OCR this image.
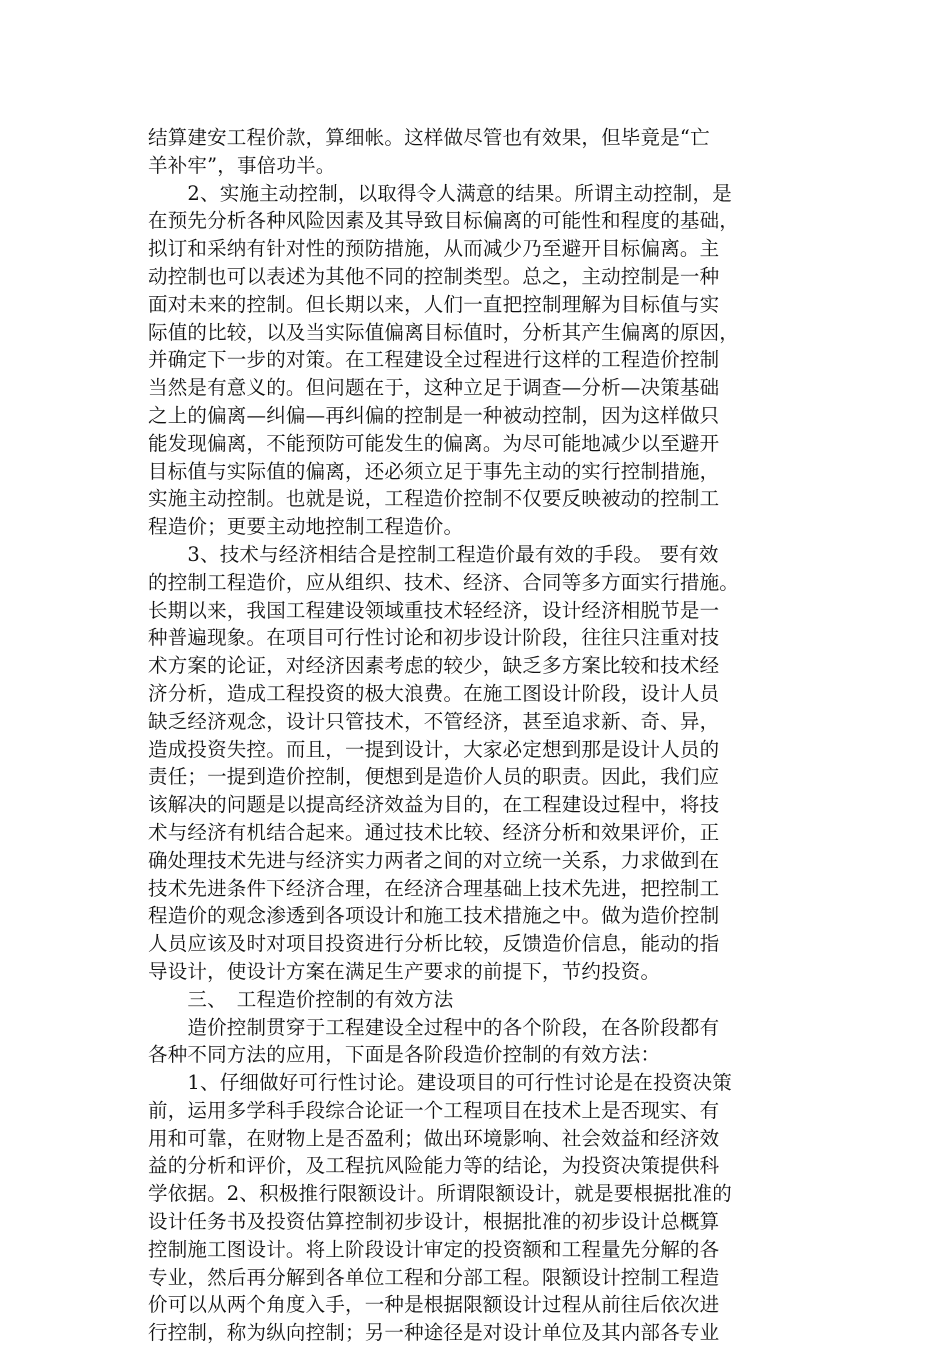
结算建安工程价款，算细帐。这样做尽管也有效果，但毕竟是“亡
羊补牢”，事倍功半。
　　2、实施主动控制，以取得令人满意的结果。所谓主动控制，是
在预先分析各种风险因素及其导致目标偏离的可能性和程度的基础，
拟订和采纳有针对性的预防措施，从而减少乃至避开目标偏离。主
动控制也可以表述为其他不同的控制类型。总之，主动控制是一种
面对未来的控制。但长期以来，人们一直把控制理解为目标值与实
际值的比较，以及当实际值偏离目标值时，分析其产生偏离的原因，
并确定下一步的对策。在工程建设全过程进行这样的工程造价控制
当然是有意义的。但问题在于，这种立足于调查—分析—决策基础
之上的偏离—纠偏—再纠偏的控制是一种被动控制，因为这样做只
能发现偏离，不能预防可能发生的偏离。为尽可能地减少以至避开
目标值与实际值的偏离，还必须立足于事先主动的实行控制措施，
实施主动控制。也就是说，工程造价控制不仅要反映被动的控制工
程造价；更要主动地控制工程造价。
　　3、技术与经济相结合是控制工程造价最有效的手段。 要有效
的控制工程造价，应从组织、技术、经济、合同等多方面实行措施。
长期以来，我国工程建设领域重技术轻经济，设计经济相脱节是一
种普遍现象。在项目可行性讨论和初步设计阶段，往往只注重对技
术方案的论证，对经济因素考虑的较少，缺乏多方案比较和技术经
济分析，造成工程投资的极大浪费。在施工图设计阶段，设计人员
缺乏经济观念，设计只管技术，不管经济，甚至追求新、奇、异，
造成投资失控。而且，一提到设计，大家必定想到那是设计人员的
责任；一提到造价控制，便想到是造价人员的职责。因此，我们应
该解决的问题是以提高经济效益为目的，在工程建设过程中，将技
术与经济有机结合起来。通过技术比较、经济分析和效果评价，正
确处理技术先进与经济实力两者之间的对立统一关系，力求做到在
技术先进条件下经济合理，在经济合理基础上技术先进，把控制工
程造价的观念渗透到各项设计和施工技术措施之中。做为造价控制
人员应该及时对项目投资进行分析比较，反馈造价信息，能动的指
导设计，使设计方案在满足生产要求的前提下，节约投资。
　　三、　工程造价控制的有效方法
　　造价控制贯穿于工程建设全过程中的各个阶段，在各阶段都有
各种不同方法的应用，下面是各阶段造价控制的有效方法：
　　1、仔细做好可行性讨论。建设项目的可行性讨论是在投资决策
前，运用多学科手段综合论证一个工程项目在技术上是否现实、有
用和可靠，在财物上是否盈利；做出环境影响、社会效益和经济效
益的分析和评价，及工程抗风险能力等的结论，为投资决策提供科
学依据。2、积极推行限额设计。所谓限额设计，就是要根据批准的
设计任务书及投资估算控制初步设计，根据批准的初步设计总概算
控制施工图设计。将上阶段设计审定的投资额和工程量先分解的各
专业，然后再分解到各单位工程和分部工程。限额设计控制工程造
价可以从两个角度入手，一种是根据限额设计过程从前往后依次进
行控制，称为纵向控制；另一种途径是对设计单位及其内部各专业
